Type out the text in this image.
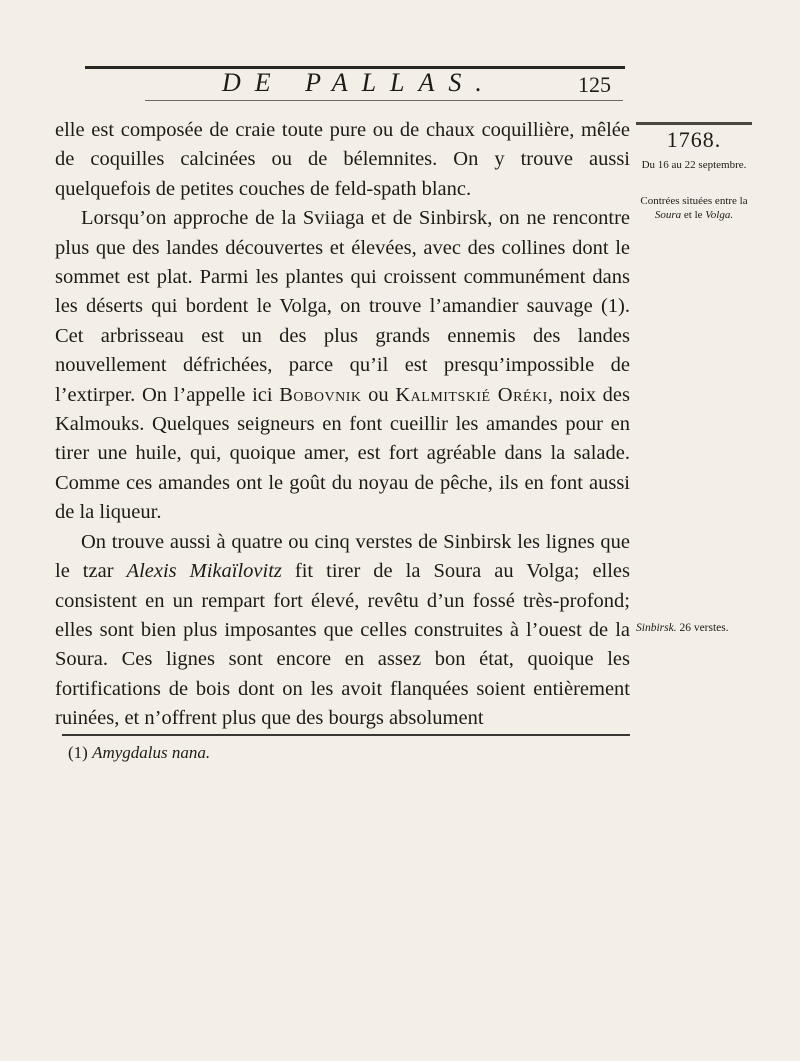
DE PALLAS.	125
1768.
Du 16 au 22 septembre.
Contrées situées entre la Soura et le Volga.
Sinbirsk. 26 verstes.

elle est composée de craie toute pure ou de chaux coquillière, mêlée de coquilles calcinées ou de bélemnites. On y trouve aussi quelquefois de petites couches de feld-spath blanc.

Lorsqu’on approche de la Sviiaga et de Sinbirsk, on ne rencontre plus que des landes découvertes et élevées, avec des collines dont le sommet est plat. Parmi les plantes qui croissent communément dans les déserts qui bordent le Volga, on trouve l’amandier sauvage (1). Cet arbrisseau est un des plus grands ennemis des landes nouvellement défrichées, parce qu’il est presqu’impossible de l’extirper. On l’appelle ici Bobovnik ou Kalmitskié Oréki, noix des Kalmouks. Quelques seigneurs en font cueillir les amandes pour en tirer une huile, qui, quoique amer, est fort agréable dans la salade. Comme ces amandes ont le goût du noyau de pêche, ils en font aussi de la liqueur.

On trouve aussi à quatre ou cinq verstes de Sinbirsk les lignes que le tzar Alexis Mikaïlovitz fit tirer de la Soura au Volga; elles consistent en un rempart fort élevé, revêtu d’un fossé très-profond; elles sont bien plus imposantes que celles construites à l’ouest de la Soura. Ces lignes sont encore en assez bon état, quoique les fortifications de bois dont on les avoit flanquées soient entièrement ruinées, et n’offrent plus que des bourgs absolument

(1) Amygdalus nana.
